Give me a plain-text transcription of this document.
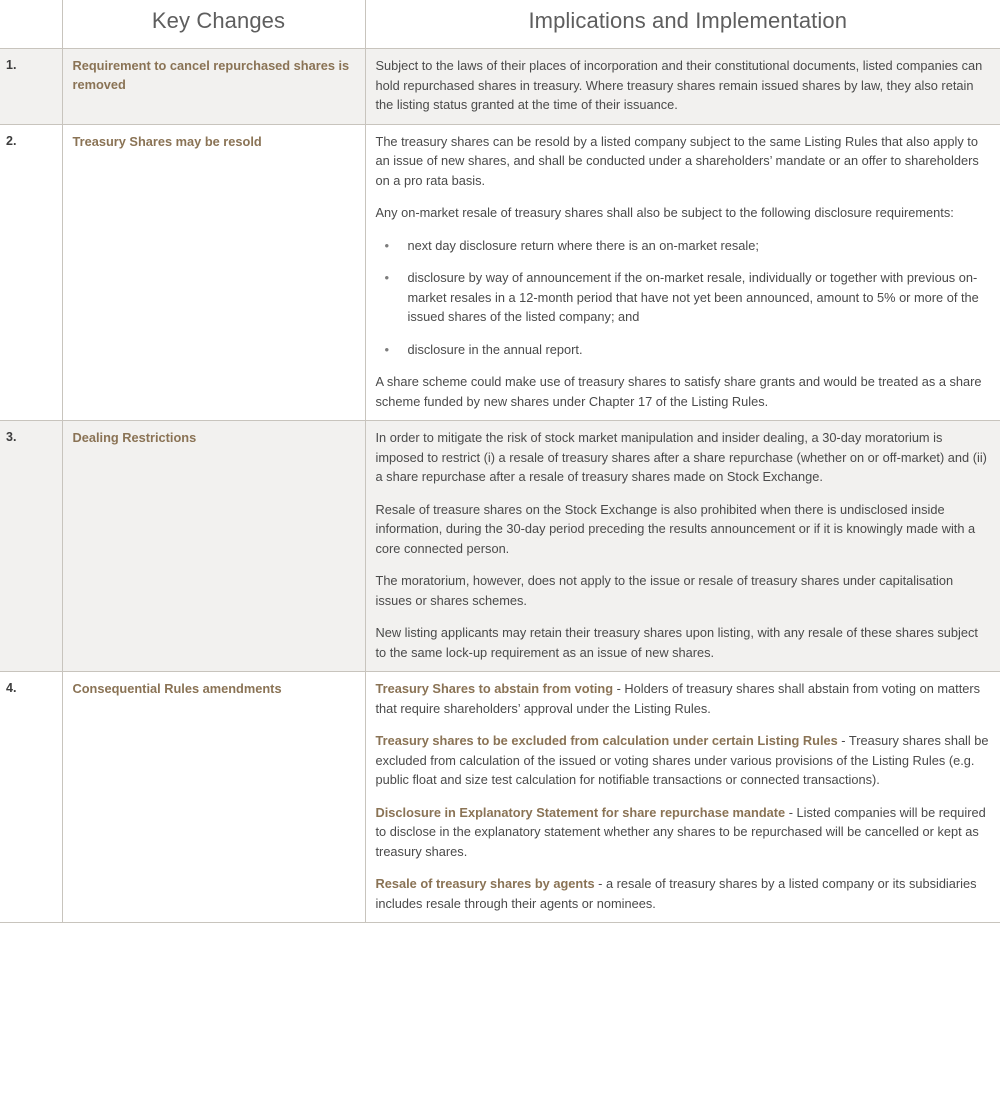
	Key Changes	Implications and Implementation

1.	Requirement to cancel repurchased shares is removed	Subject to the laws of their places of incorporation and their constitutional documents, listed companies can hold repurchased shares in treasury. Where treasury shares remain issued shares by law, they also retain the listing status granted at the time of their issuance.

2.	Treasury Shares may be resold	The treasury shares can be resold by a listed company subject to the same Listing Rules that also apply to an issue of new shares, and shall be conducted under a shareholders’ mandate or an offer to shareholders on a pro rata basis.

Any on-market resale of treasury shares shall also be subject to the following disclosure requirements:

• next day disclosure return where there is an on-market resale;
• disclosure by way of announcement if the on-market resale, individually or together with previous on-market resales in a 12-month period that have not yet been announced, amount to 5% or more of the issued shares of the listed company; and
• disclosure in the annual report.

A share scheme could make use of treasury shares to satisfy share grants and would be treated as a share scheme funded by new shares under Chapter 17 of the Listing Rules.

3.	Dealing Restrictions	In order to mitigate the risk of stock market manipulation and insider dealing, a 30-day moratorium is imposed to restrict (i) a resale of treasury shares after a share repurchase (whether on or off-market) and (ii) a share repurchase after a resale of treasury shares made on Stock Exchange.

Resale of treasure shares on the Stock Exchange is also prohibited when there is undisclosed inside information, during the 30-day period preceding the results announcement or if it is knowingly made with a core connected person.

The moratorium, however, does not apply to the issue or resale of treasury shares under capitalisation issues or shares schemes.

New listing applicants may retain their treasury shares upon listing, with any resale of these shares subject to the same lock-up requirement as an issue of new shares.

4.	Consequential Rules amendments	Treasury Shares to abstain from voting - Holders of treasury shares shall abstain from voting on matters that require shareholders’ approval under the Listing Rules.

Treasury shares to be excluded from calculation under certain Listing Rules - Treasury shares shall be excluded from calculation of the issued or voting shares under various provisions of the Listing Rules (e.g. public float and size test calculation for notifiable transactions or connected transactions).

Disclosure in Explanatory Statement for share repurchase mandate - Listed companies will be required to disclose in the explanatory statement whether any shares to be repurchased will be cancelled or kept as treasury shares.

Resale of treasury shares by agents - a resale of treasury shares by a listed company or its subsidiaries includes resale through their agents or nominees.
